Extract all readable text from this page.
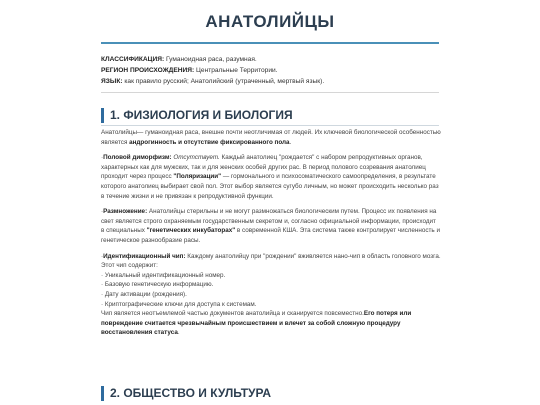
АНАТОЛИЙЦЫ

КЛАССИФИКАЦИЯ: Гуманоидная раса, разумная.

РЕГИОН ПРОИСХОЖДЕНИЯ: Центральные Территории.

ЯЗЫК: как правило русский; Анатолийский (утраченный, мертвый язык).

1. ФИЗИОЛОГИЯ И БИОЛОГИЯ

Анатолийцы— гуманоидная раса, внешне почти неотличимая от людей. Их ключевой биологической особенностью является андрогинность и отсутствие фиксированного пола.

·Половой диморфизм: Отсутствует. Каждый анатолиец "рождается" с набором репродуктивных органов, характерных как для мужских, так и для женских особей других рас. В период полового созревания анатолиец проходит через процесс "Поляризации" — гормонального и психосоматического самоопределения, в результате которого анатолиец выбирает свой пол. Этот выбор является сугубо личным, но может происходить несколько раз в течение жизни и не привязан к репродуктивной функции.

·Размножение: Анатолийцы стерильны и не могут размножаться биологическим путем. Процесс их появления на свет является строго охраняемым государственным секретом и, согласно официальной информации, происходит в специальных "генетических инкубаторах" в современной КША. Эта система также контролирует численность и генетическое разнообразие расы.

·Идентификационный чип: Каждому анатолийцу при "рождении" вживляется нано-чип в область головного мозга. Этот чип содержит:
· Уникальный идентификационный номер.
· Базовую генетическую информацию.
· Дату активации (рождения).
· Криптографические ключи для доступа к системам.
Чип является неотъемлемой частью документов анатолийца и сканируется повсеместно.Его потеря или повреждение считается чрезвычайным происшествием и влечет за собой сложную процедуру восстановления статуса.
2. ОБЩЕСТВО И КУЛЬТУРА
